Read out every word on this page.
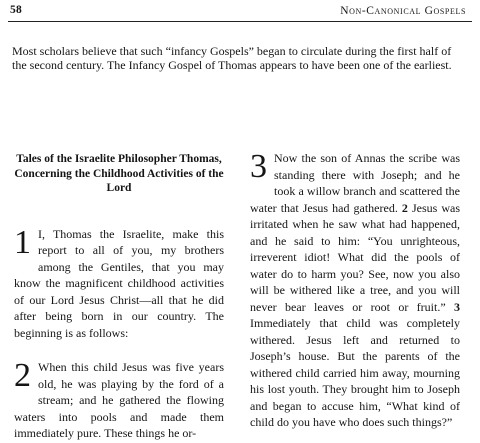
58	Non-Canonical Gospels

Most scholars believe that such “infancy Gospels” began to circulate during the first half of the second century. The Infancy Gospel of Thomas appears to have been one of the earliest.

Tales of the Israelite Philosopher Thomas, Concerning the Childhood Activities of the Lord

1 I, Thomas the Israelite, make this report to all of you, my brothers among the Gentiles, that you may know the magnificent childhood activities of our Lord Jesus Christ—all that he did after being born in our country. The beginning is as follows:

2 When this child Jesus was five years old, he was playing by the ford of a stream; and he gathered the flowing waters into pools and made them immediately pure. These things he or-

3 Now the son of Annas the scribe was standing there with Joseph; and he took a willow branch and scattered the water that Jesus had gathered. 2 Jesus was irritated when he saw what had happened, and he said to him: “You unrighteous, irreverent idiot! What did the pools of water do to harm you? See, now you also will be withered like a tree, and you will never bear leaves or root or fruit.” 3 Immediately that child was completely withered. Jesus left and returned to Joseph’s house. But the parents of the withered child carried him away, mourning his lost youth. They brought him to Joseph and began to accuse him, “What kind of child do you have who does such things?”
